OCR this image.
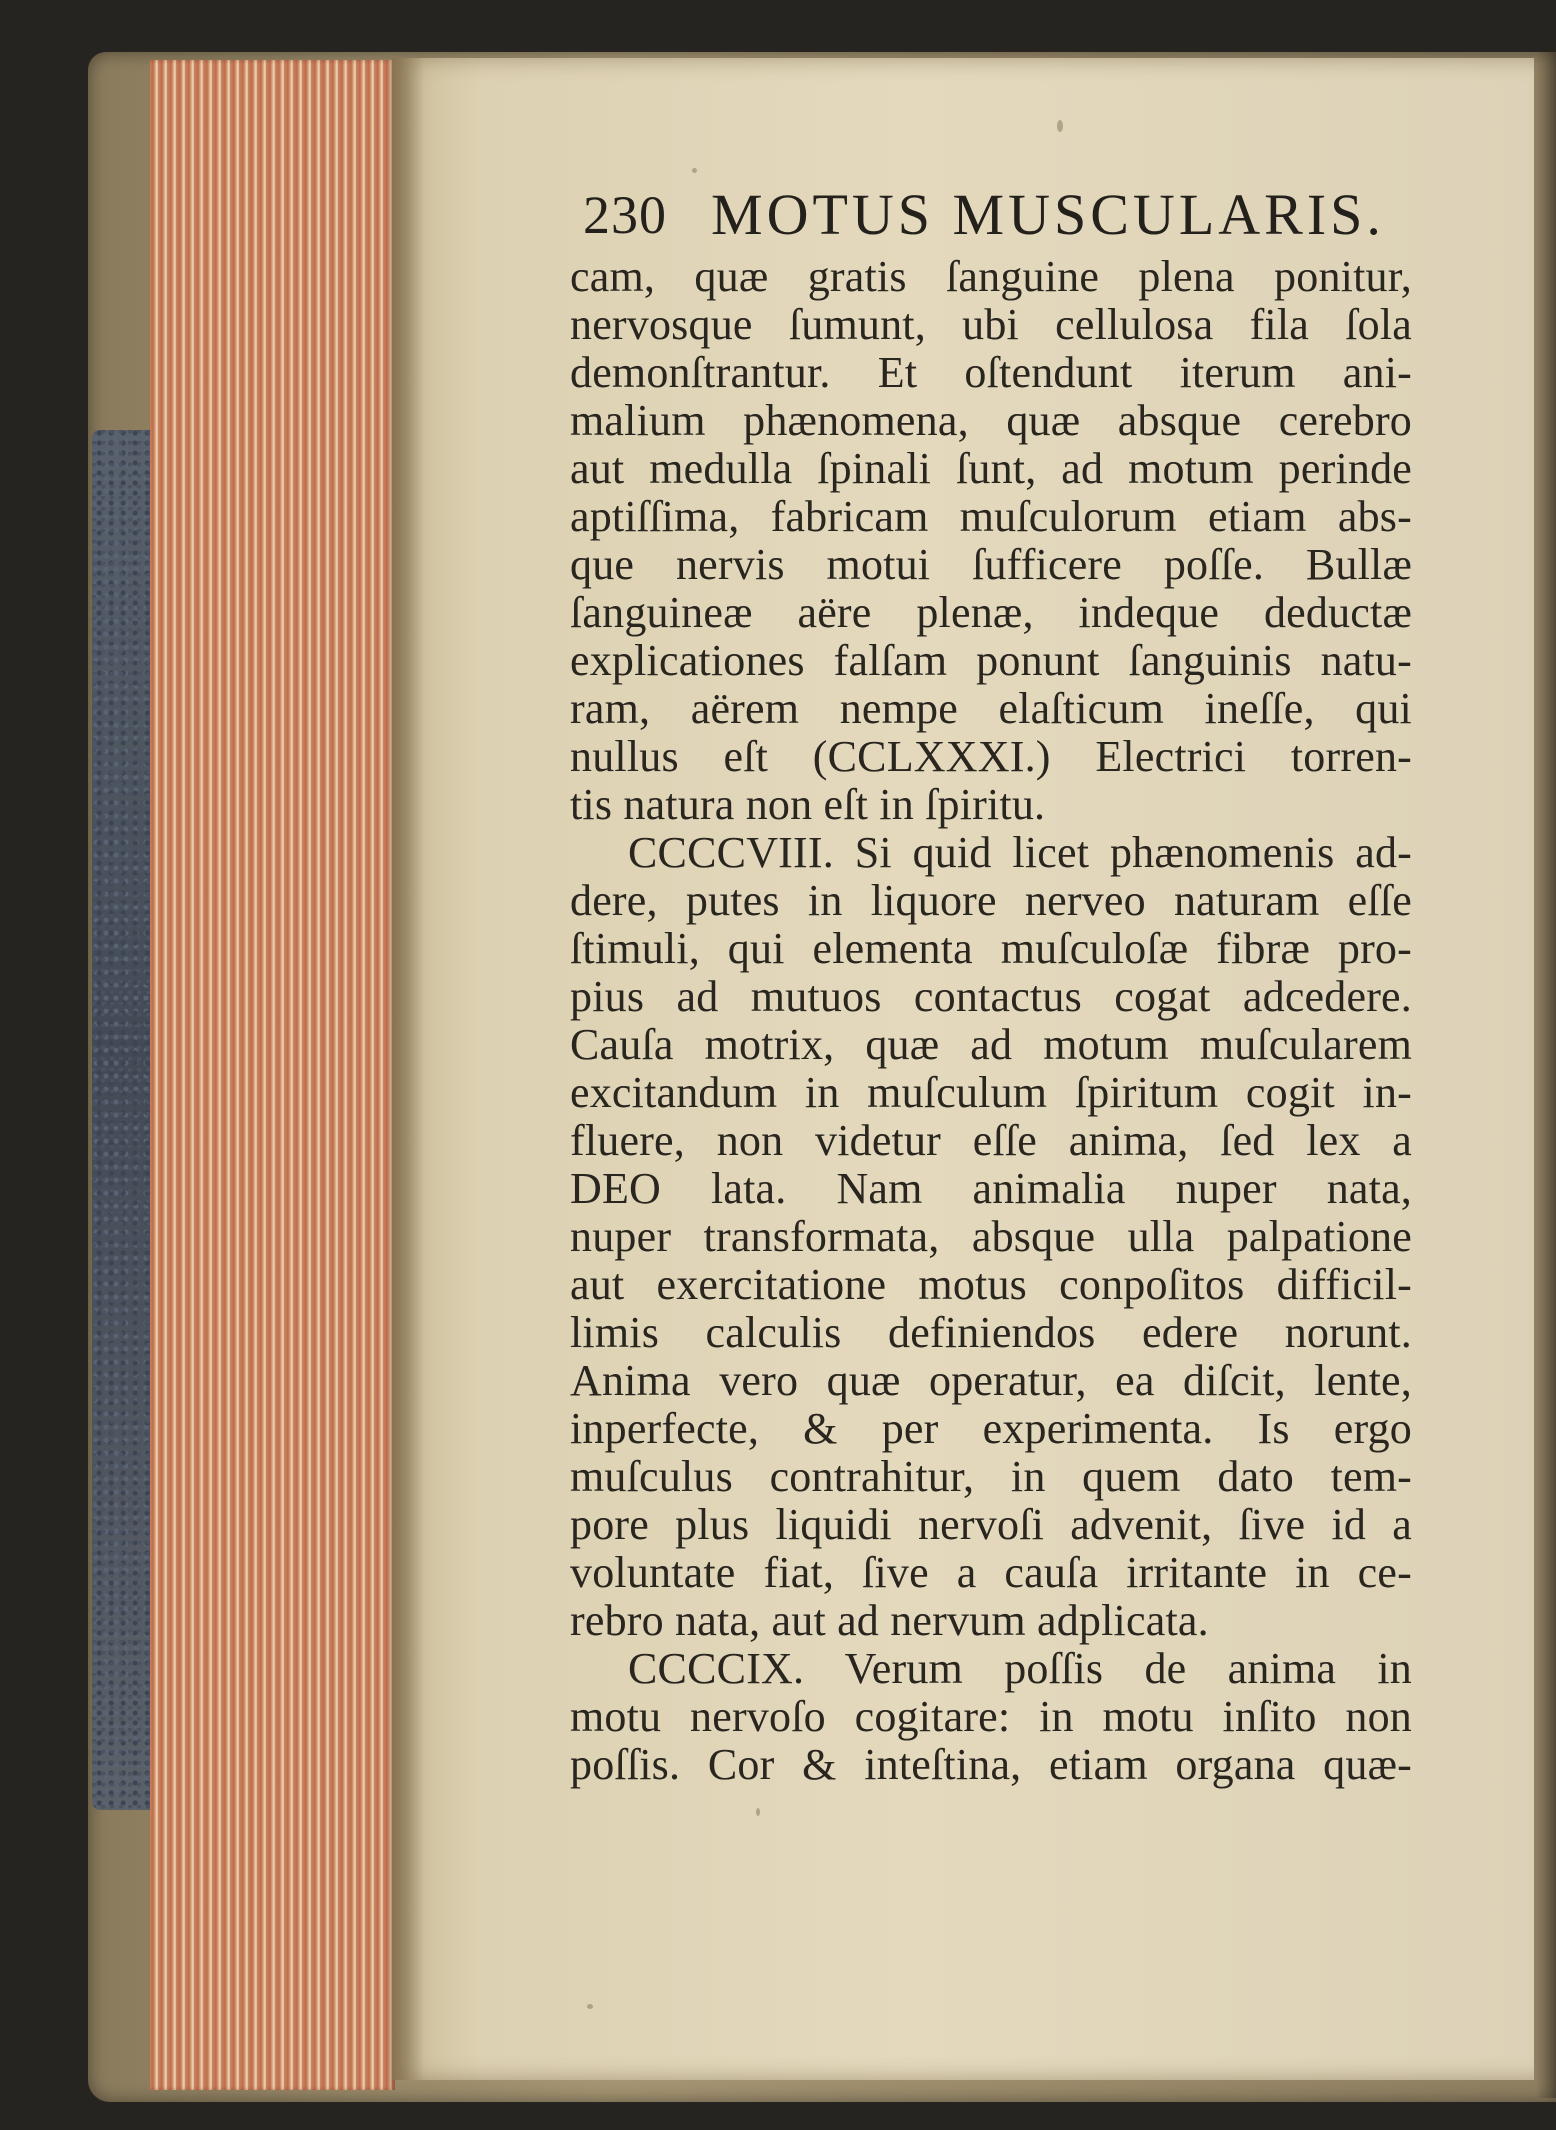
230 MOTUS MUSCULARIS.
cam, quæ gratis ſanguine plena ponitur,
nervosque ſumunt, ubi cellulosa fila ſola
demonſtrantur. Et oſtendunt iterum ani-
malium phænomena, quæ absque cerebro
aut medulla ſpinali ſunt, ad motum perinde
aptiſſima, fabricam muſculorum etiam abs-
que nervis motui ſufficere poſſe. Bullæ
ſanguineæ aëre plenæ, indeque deductæ
explicationes falſam ponunt ſanguinis natu-
ram, aërem nempe elaſticum ineſſe, qui
nullus eſt (CCLXXXI.) Electrici torren-
tis natura non eſt in ſpiritu.
CCCCVIII. Si quid licet phænomenis ad-
dere, putes in liquore nerveo naturam eſſe
ſtimuli, qui elementa muſculoſæ fibræ pro-
pius ad mutuos contactus cogat adcedere.
Cauſa motrix, quæ ad motum muſcularem
excitandum in muſculum ſpiritum cogit in-
fluere, non videtur eſſe anima, ſed lex a
DEO lata. Nam animalia nuper nata,
nuper transformata, absque ulla palpatione
aut exercitatione motus conpoſitos difficil-
limis calculis definiendos edere norunt.
Anima vero quæ operatur, ea diſcit, lente,
inperfecte, & per experimenta. Is ergo
muſculus contrahitur, in quem dato tem-
pore plus liquidi nervoſi advenit, ſive id a
voluntate fiat, ſive a cauſa irritante in ce-
rebro nata, aut ad nervum adplicata.
CCCCIX. Verum poſſis de anima in
motu nervoſo cogitare: in motu inſito non
poſſis. Cor & inteſtina, etiam organa quæ-
